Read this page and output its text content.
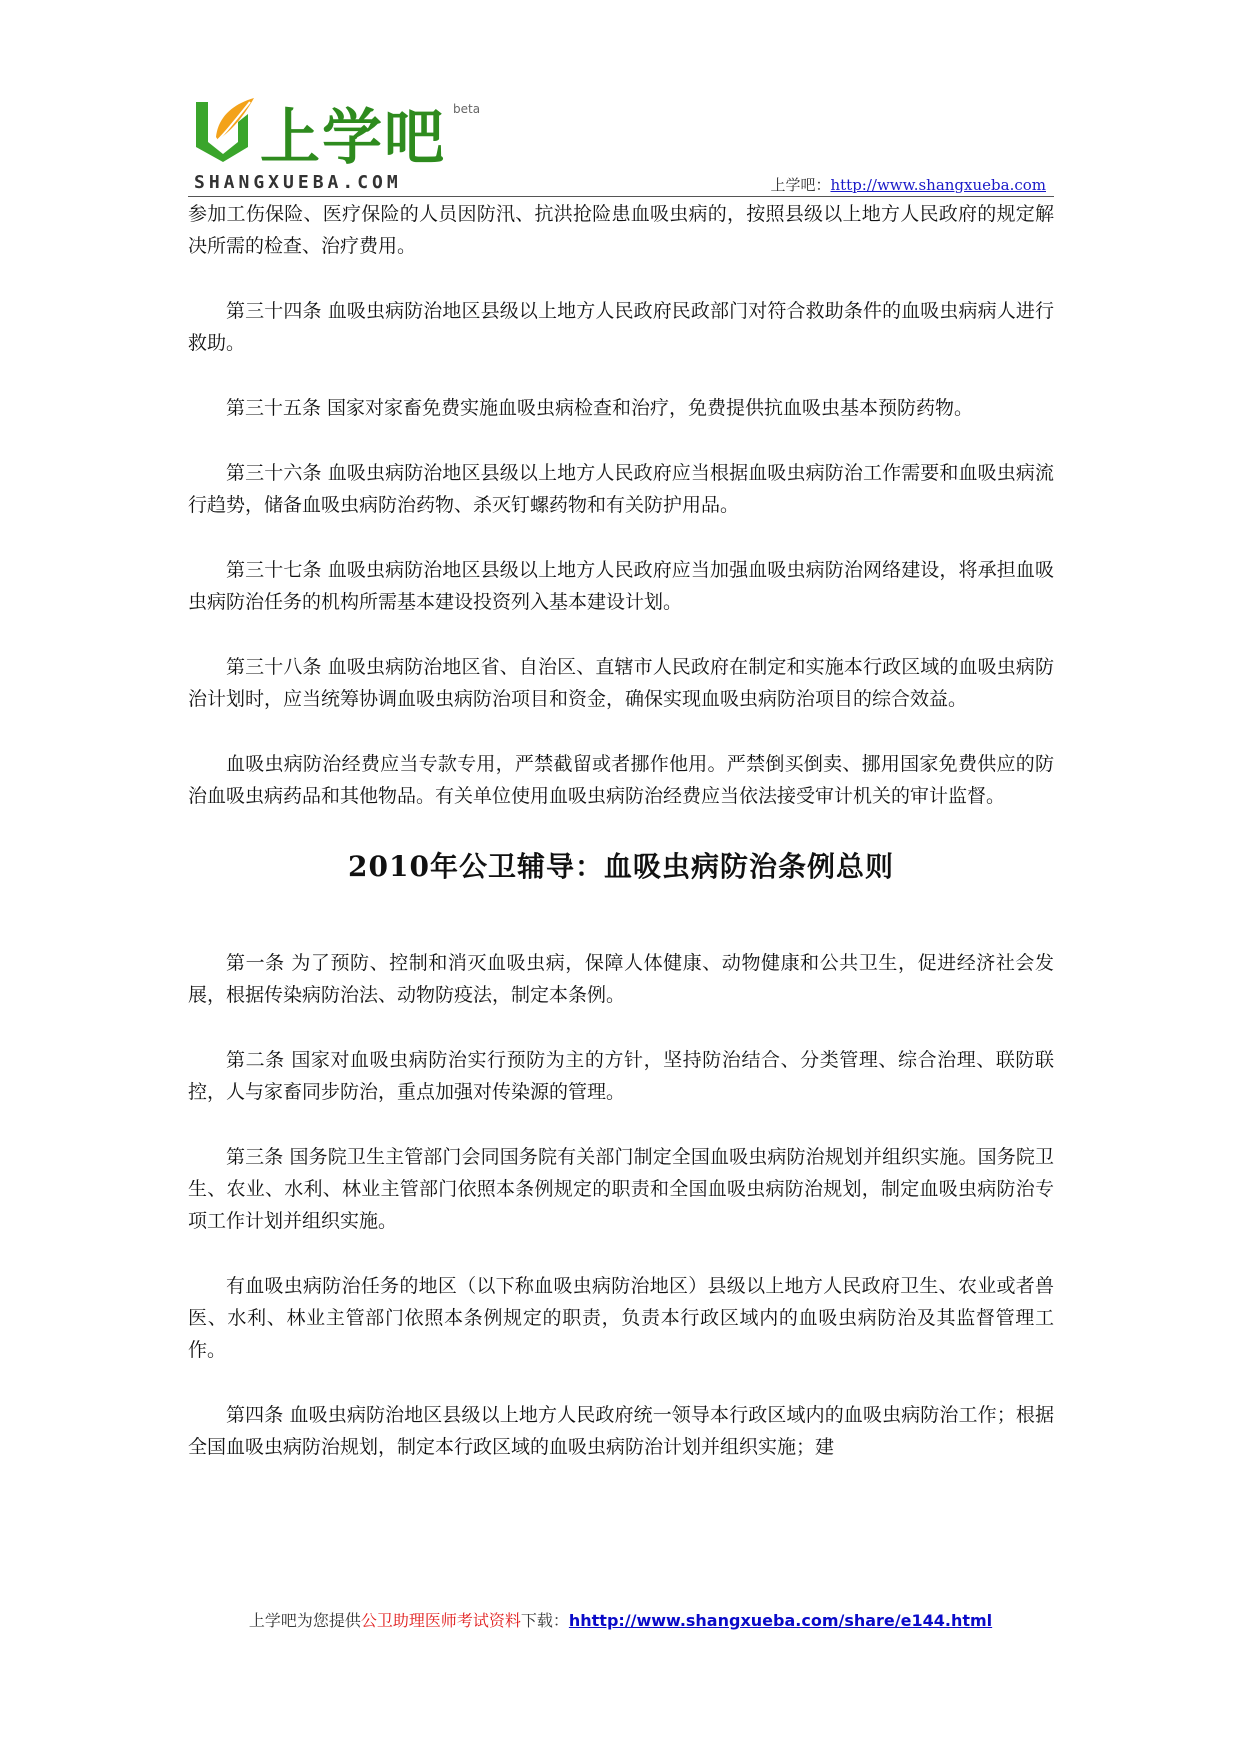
上学吧 beta
SHANGXUEBA.COM	上学吧：http://www.shangxueba.com

参加工伤保险、医疗保险的人员因防汛、抗洪抢险患血吸虫病的，按照县级以上地方人民政府的规定解决所需的检查、治疗费用。

第三十四条 血吸虫病防治地区县级以上地方人民政府民政部门对符合救助条件的血吸虫病病人进行救助。

第三十五条 国家对家畜免费实施血吸虫病检查和治疗，免费提供抗血吸虫基本预防药物。

第三十六条 血吸虫病防治地区县级以上地方人民政府应当根据血吸虫病防治工作需要和血吸虫病流行趋势，储备血吸虫病防治药物、杀灭钉螺药物和有关防护用品。

第三十七条 血吸虫病防治地区县级以上地方人民政府应当加强血吸虫病防治网络建设，将承担血吸虫病防治任务的机构所需基本建设投资列入基本建设计划。

第三十八条 血吸虫病防治地区省、自治区、直辖市人民政府在制定和实施本行政区域的血吸虫病防治计划时，应当统筹协调血吸虫病防治项目和资金，确保实现血吸虫病防治项目的综合效益。

血吸虫病防治经费应当专款专用，严禁截留或者挪作他用。严禁倒买倒卖、挪用国家免费供应的防治血吸虫病药品和其他物品。有关单位使用血吸虫病防治经费应当依法接受审计机关的审计监督。

2010年公卫辅导：血吸虫病防治条例总则

第一条 为了预防、控制和消灭血吸虫病，保障人体健康、动物健康和公共卫生，促进经济社会发展，根据传染病防治法、动物防疫法，制定本条例。

第二条 国家对血吸虫病防治实行预防为主的方针，坚持防治结合、分类管理、综合治理、联防联控，人与家畜同步防治，重点加强对传染源的管理。

第三条 国务院卫生主管部门会同国务院有关部门制定全国血吸虫病防治规划并组织实施。国务院卫生、农业、水利、林业主管部门依照本条例规定的职责和全国血吸虫病防治规划，制定血吸虫病防治专项工作计划并组织实施。

有血吸虫病防治任务的地区（以下称血吸虫病防治地区）县级以上地方人民政府卫生、农业或者兽医、水利、林业主管部门依照本条例规定的职责，负责本行政区域内的血吸虫病防治及其监督管理工作。

第四条 血吸虫病防治地区县级以上地方人民政府统一领导本行政区域内的血吸虫病防治工作；根据全国血吸虫病防治规划，制定本行政区域的血吸虫病防治计划并组织实施；建

上学吧为您提供公卫助理医师考试资料下载：hhttp://www.shangxueba.com/share/e144.html
